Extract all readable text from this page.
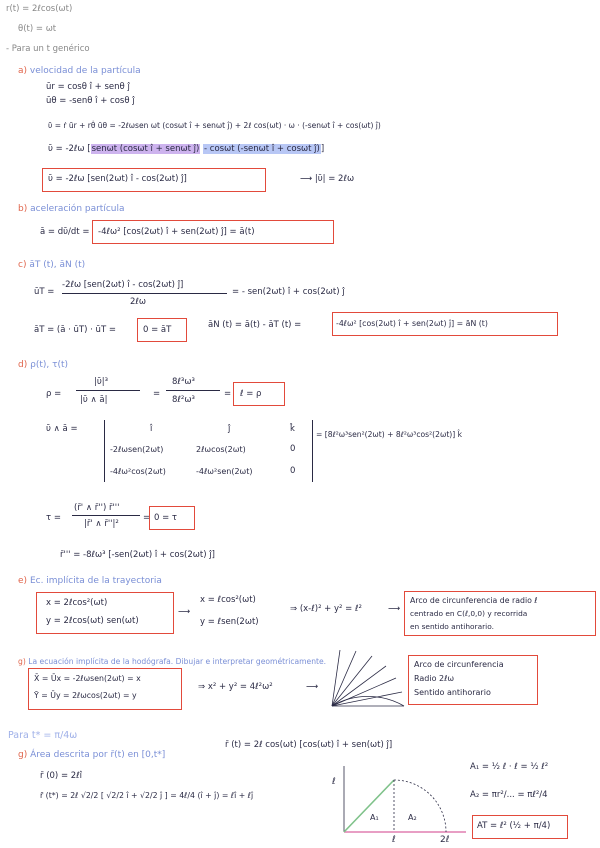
r(t) = 2ℓcos(ωt)
θ(t) = ωt
- Para un t genérico
a) velocidad de la partícula
ūr = cosθ î + senθ ĵ
ūθ = -senθ î + cosθ ĵ
ῡ = ṙ ūr + rθ̇ ūθ = -2ℓωsen ωt (cosωt î + senωt ĵ) + 2ℓ cos(ωt) · ω · (-senωt î + cos(ωt) ĵ)
ῡ = -2ℓω [senωt (cosωt î + senωt ĵ) - cosωt (-senωt î + cosωt ĵ)]
ῡ = -2ℓω [sen(2ωt) î - cos(2ωt) ĵ]	⟶ |ῡ| = 2ℓω
b) aceleración partícula
ā = dῡ/dt = -4ℓω² [cos(2ωt) î + sen(2ωt) ĵ] = ā(t)
c) āT (t), āN (t)
ūT =
-2ℓω [sen(2ωt) î - cos(2ωt) ĵ]
2ℓω
= - sen(2ωt) î + cos(2ωt) ĵ
āT = (ā · ūT) · ūT =	0 = āT	āN (t) = ā(t) - āT (t) =	-4ℓω² [cos(2ωt) î + sen(2ωt) ĵ] = āN (t)
d) ρ(t), τ(t)
ρ =
|ῡ|³
|ῡ ∧ ā|
=
8ℓ³ω³
8ℓ²ω³
= ℓ = ρ
ῡ ∧ ā =	î	ĵ	k̂
-2ℓωsen(2ωt)	2ℓωcos(2ωt)	0
-4ℓω²cos(2ωt)	-4ℓω²sen(2ωt)	0
= [8ℓ²ω³sen²(2ωt) + 8ℓ²ω³cos²(2ωt)] k̂
τ =
(r̄' ∧ r̄'') r̄'''
|r̄' ∧ r̄''|²
= 0 = τ
r̄''' = -8ℓω³ [-sen(2ωt) î + cos(2ωt) ĵ]
e) Ec. implícita de la trayectoria
x = 2ℓcos²(ωt)
y = 2ℓcos(ωt) sen(ωt)
⟶
x = ℓcos²(ωt)
y = ℓsen(2ωt)
⇒ (x-ℓ)² + y² = ℓ²	⟶
Arco de circunferencia de radio ℓ
centrado en C(ℓ,0,0) y recorrida
en sentido antihorario.
g) La ecuación implícita de la hodógrafa. Dibujar e interpretar geométricamente.
X̄ = Ūx = -2ℓωsen(2ωt) = x
Ȳ = Ūy = 2ℓωcos(2ωt) = y
⇒ x² + y² = 4ℓ²ω²	⟶
Arco de circunferencia
Radio 2ℓω
Sentido antihorario
Para t* = π/4ω
g) Área descrita por r̄(t) en [0,t*]
r̄ (t) = 2ℓ cos(ωt) [cos(ωt) î + sen(ωt) ĵ]
r̄ (0) = 2ℓî
r̄ (t*) = 2ℓ √2/2 [ √2/2 î + √2/2 ĵ ] = 4ℓ/4 (î + ĵ) = ℓî + ℓĵ
ℓ
ℓ	2ℓ
A₁	A₂
A₁ = ½ ℓ · ℓ = ½ ℓ²
A₂ = πr²/... = πℓ²/4
AT = ℓ² (½ + π/4)
